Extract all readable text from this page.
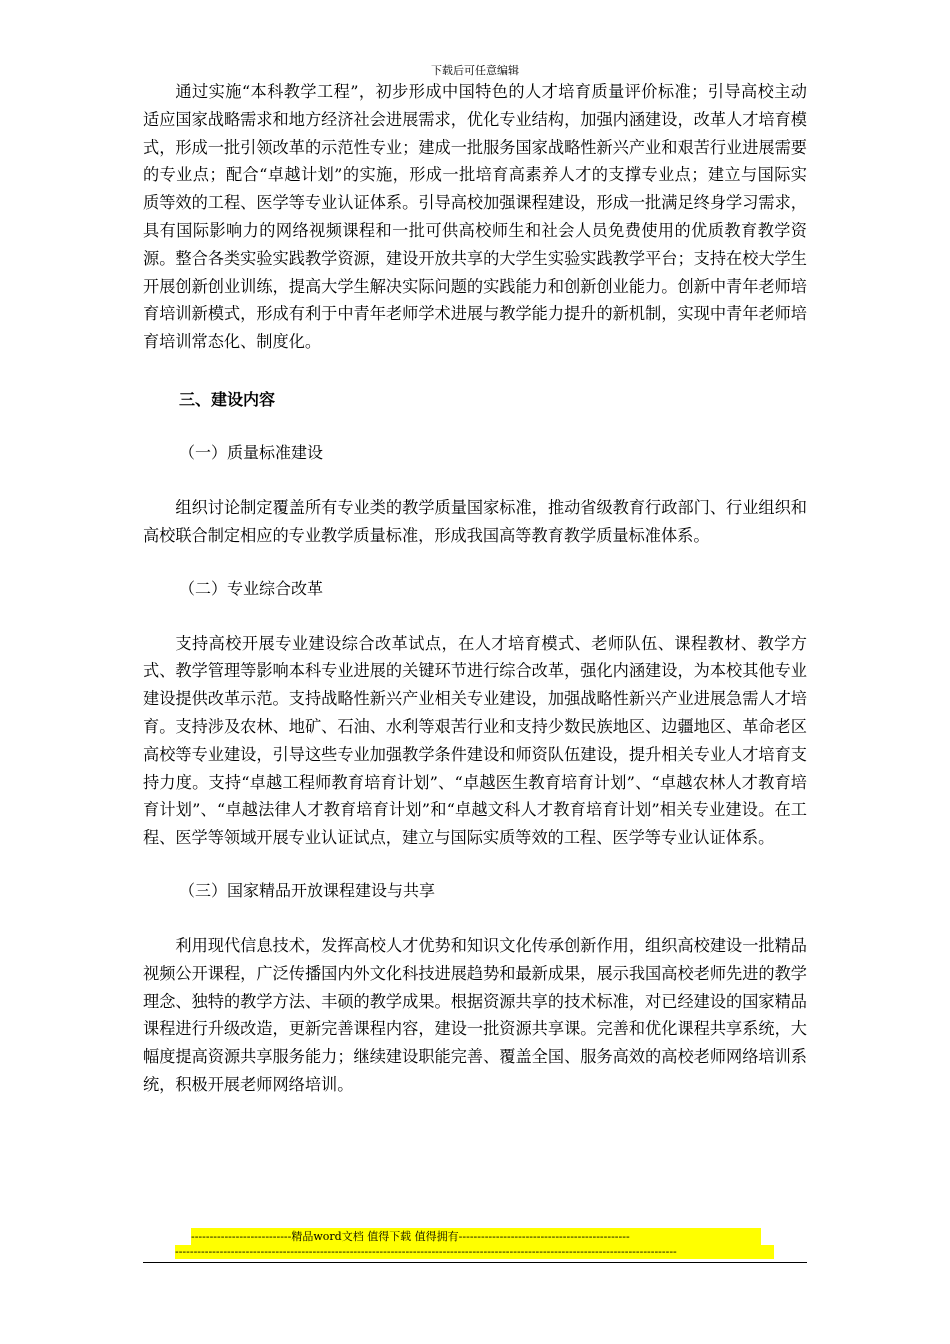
下载后可任意编辑

通过实施“本科教学工程”，初步形成中国特色的人才培育质量评价标准；引导高校主动适应国家战略需求和地方经济社会进展需求，优化专业结构，加强内涵建设，改革人才培育模式，形成一批引领改革的示范性专业；建成一批服务国家战略性新兴产业和艰苦行业进展需要的专业点；配合“卓越计划”的实施，形成一批培育高素养人才的支撑专业点；建立与国际实质等效的工程、医学等专业认证体系。引导高校加强课程建设，形成一批满足终身学习需求，具有国际影响力的网络视频课程和一批可供高校师生和社会人员免费使用的优质教育教学资源。整合各类实验实践教学资源，建设开放共享的大学生实验实践教学平台；支持在校大学生开展创新创业训练，提高大学生解决实际问题的实践能力和创新创业能力。创新中青年老师培育培训新模式，形成有利于中青年老师学术进展与教学能力提升的新机制，实现中青年老师培育培训常态化、制度化。

三、建设内容
（一）质量标准建设

组织讨论制定覆盖所有专业类的教学质量国家标准，推动省级教育行政部门、行业组织和高校联合制定相应的专业教学质量标准，形成我国高等教育教学质量标准体系。

（二）专业综合改革

支持高校开展专业建设综合改革试点，在人才培育模式、老师队伍、课程教材、教学方式、教学管理等影响本科专业进展的关键环节进行综合改革，强化内涵建设，为本校其他专业建设提供改革示范。支持战略性新兴产业相关专业建设，加强战略性新兴产业进展急需人才培育。支持涉及农林、地矿、石油、水利等艰苦行业和支持少数民族地区、边疆地区、革命老区高校等专业建设，引导这些专业加强教学条件建设和师资队伍建设，提升相关专业人才培育支持力度。支持“卓越工程师教育培育计划”、“卓越医生教育培育计划”、“卓越农林人才教育培育计划”、“卓越法律人才教育培育计划”和“卓越文科人才教育培育计划”相关专业建设。在工程、医学等领域开展专业认证试点，建立与国际实质等效的工程、医学等专业认证体系。

（三）国家精品开放课程建设与共享

利用现代信息技术，发挥高校人才优势和知识文化传承创新作用，组织高校建设一批精品视频公开课程，广泛传播国内外文化科技进展趋势和最新成果，展示我国高校老师先进的教学理念、独特的教学方法、丰硕的教学成果。根据资源共享的技术标准，对已经建设的国家精品课程进行升级改造，更新完善课程内容，建设一批资源共享课。完善和优化课程共享系统，大幅度提高资源共享服务能力；继续建设职能完善、覆盖全国、服务高效的高校老师网络培训系统，积极开展老师网络培训。

---------------------------精品word文档 值得下载 值得拥有----------------------------------------------
---------------------------------------------------------------------------------------------------------------------------------------
